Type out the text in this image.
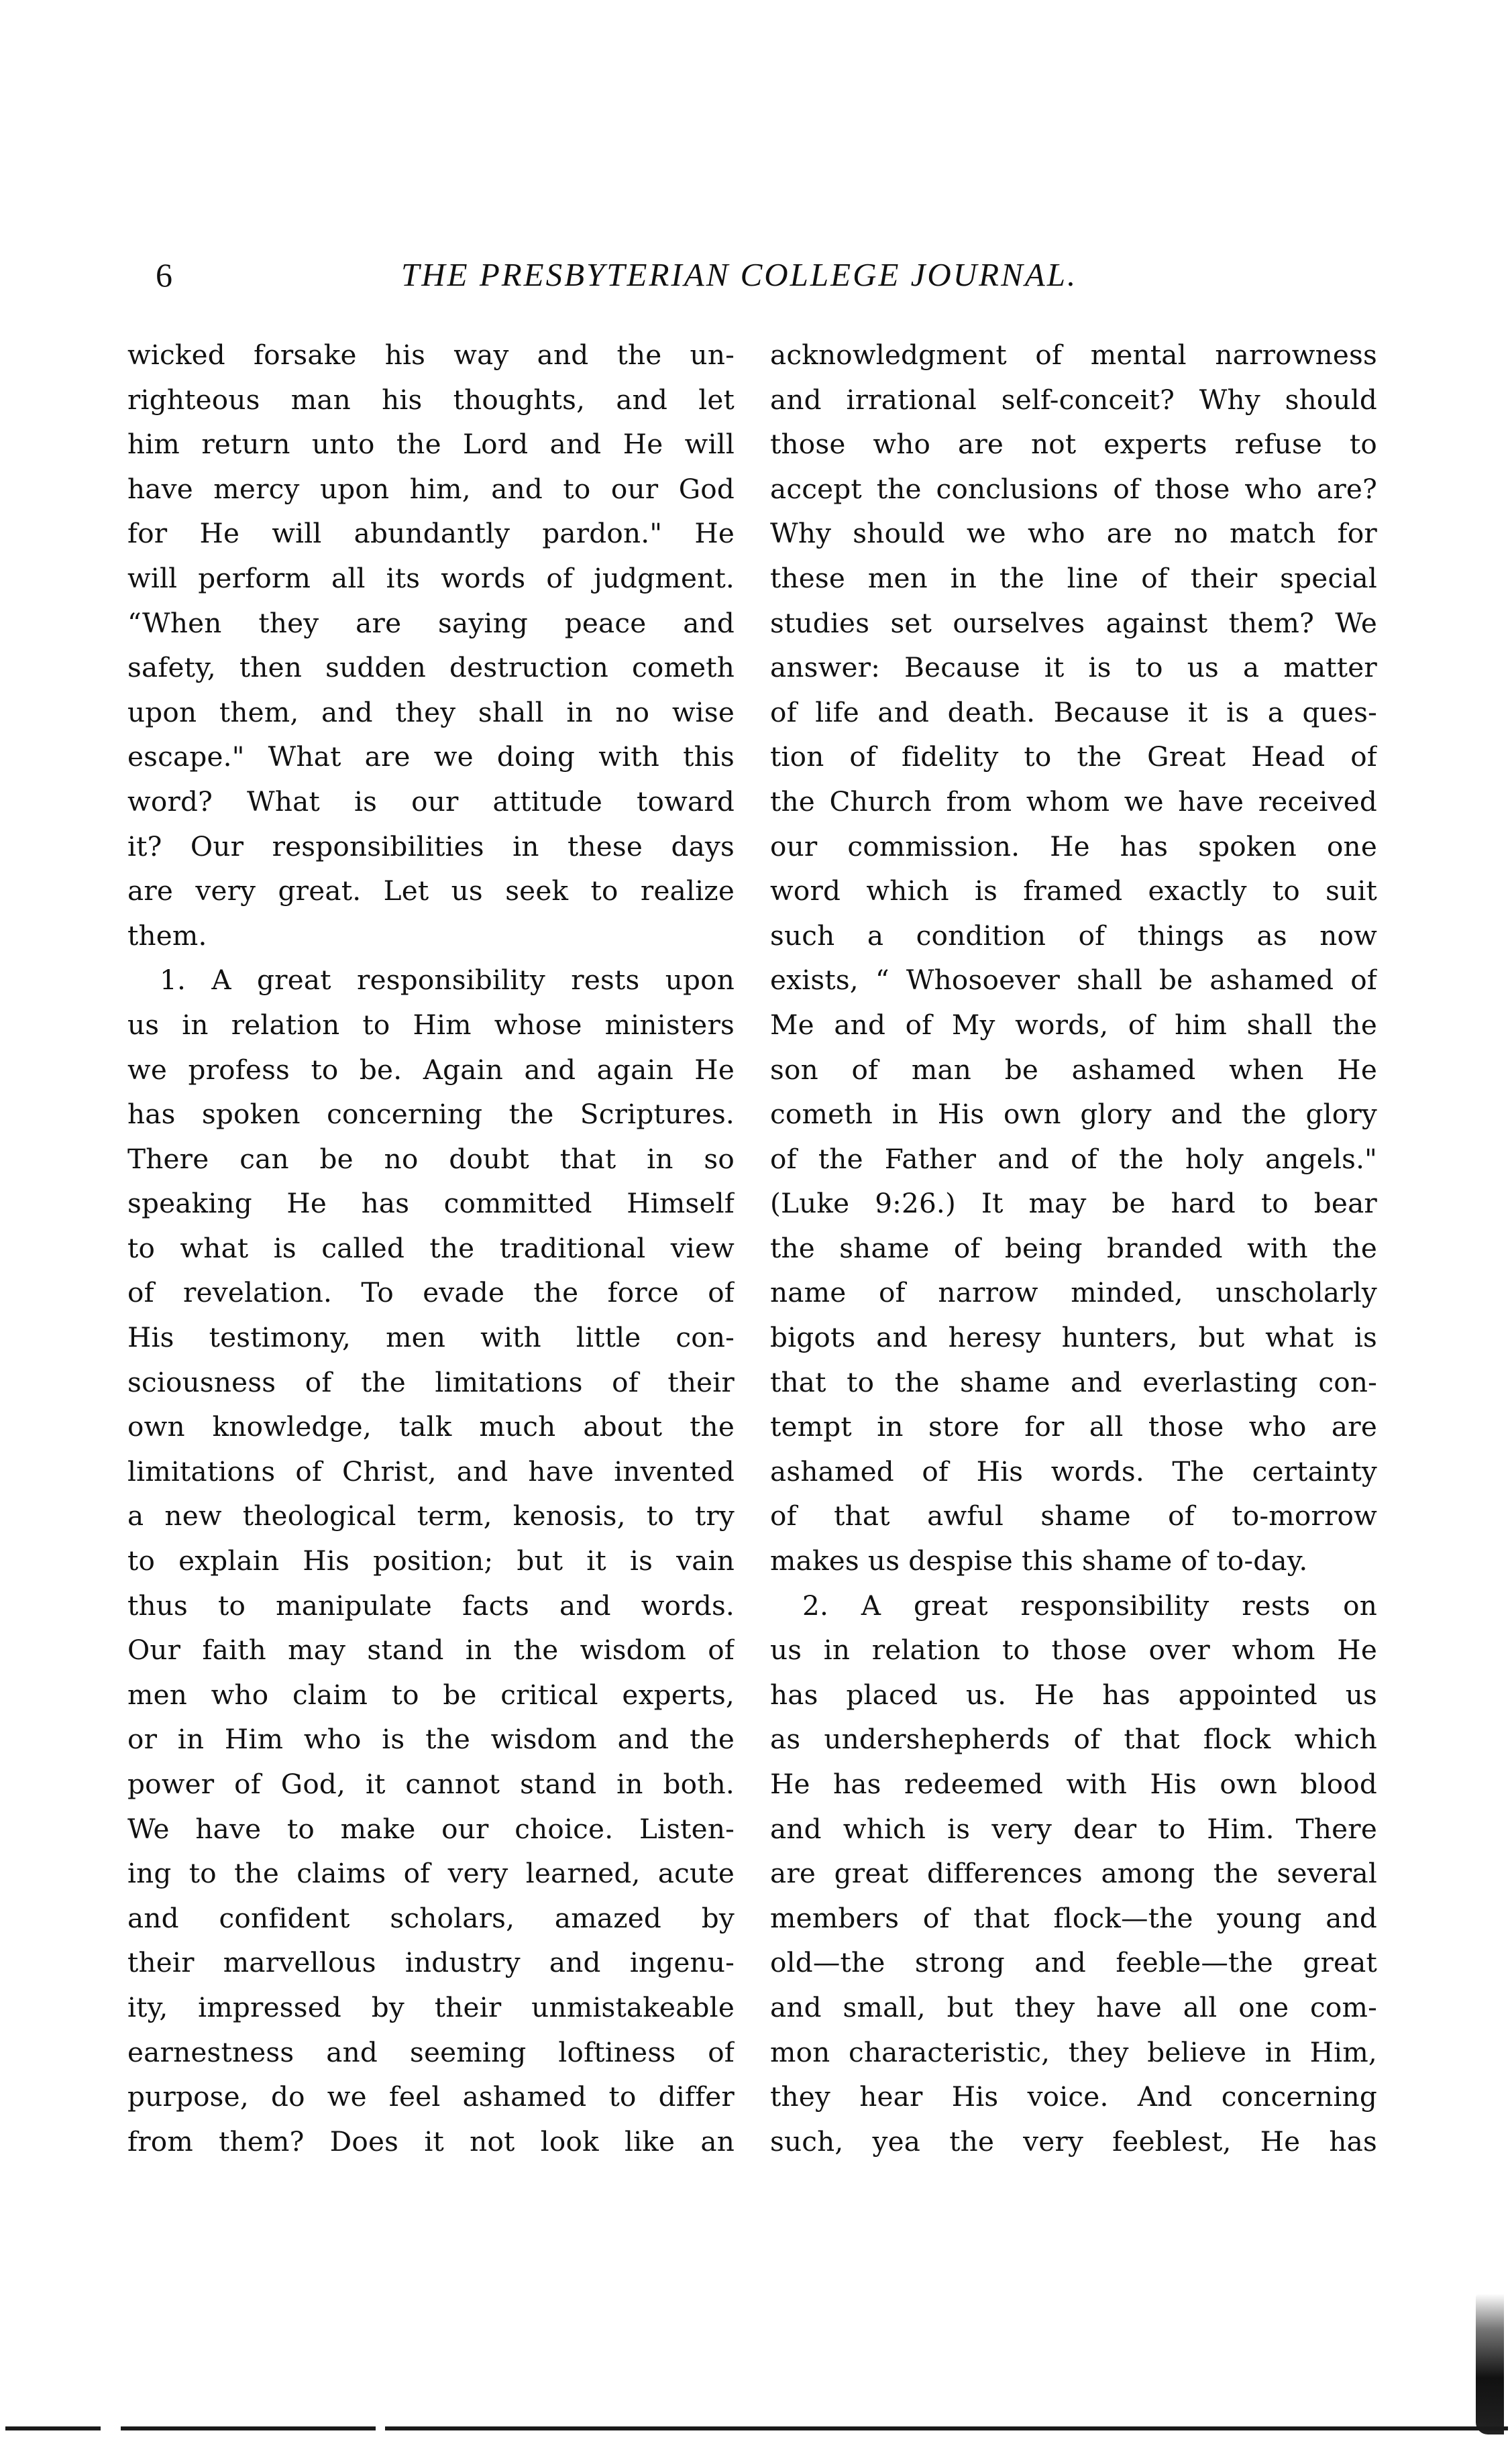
6	THE PRESBYTERIAN COLLEGE JOURNAL.
wicked forsake his way and the un-
righteous man his thoughts, and let
him return unto the Lord and He will
have mercy upon him, and to our God
for He will abundantly pardon." He
will perform all its words of judgment.
“When they are saying peace and
safety, then sudden destruction cometh
upon them, and they shall in no wise
escape." What are we doing with this
word? What is our attitude toward
it? Our responsibilities in these days
are very great. Let us seek to realize
them.
1. A great responsibility rests upon
us in relation to Him whose ministers
we profess to be. Again and again He
has spoken concerning the Scriptures.
There can be no doubt that in so
speaking He has committed Himself
to what is called the traditional view
of revelation. To evade the force of
His testimony, men with little con-
sciousness of the limitations of their
own knowledge, talk much about the
limitations of Christ, and have invented
a new theological term, kenosis, to try
to explain His position; but it is vain
thus to manipulate facts and words.
Our faith may stand in the wisdom of
men who claim to be critical experts,
or in Him who is the wisdom and the
power of God, it cannot stand in both.
We have to make our choice. Listen-
ing to the claims of very learned, acute
and confident scholars, amazed by
their marvellous industry and ingenu-
ity, impressed by their unmistakeable
earnestness and seeming loftiness of
purpose, do we feel ashamed to differ
from them? Does it not look like an
acknowledgment of mental narrowness
and irrational self-conceit? Why should
those who are not experts refuse to
accept the conclusions of those who are?
Why should we who are no match for
these men in the line of their special
studies set ourselves against them? We
answer: Because it is to us a matter
of life and death. Because it is a ques-
tion of fidelity to the Great Head of
the Church from whom we have received
our commission. He has spoken one
word which is framed exactly to suit
such a condition of things as now
exists, “ Whosoever shall be ashamed of
Me and of My words, of him shall the
son of man be ashamed when He
cometh in His own glory and the glory
of the Father and of the holy angels."
(Luke 9:26.) It may be hard to bear
the shame of being branded with the
name of narrow minded, unscholarly
bigots and heresy hunters, but what is
that to the shame and everlasting con-
tempt in store for all those who are
ashamed of His words. The certainty
of that awful shame of to-morrow
makes us despise this shame of to-day.
2. A great responsibility rests on
us in relation to those over whom He
has placed us. He has appointed us
as undershepherds of that flock which
He has redeemed with His own blood
and which is very dear to Him. There
are great differences among the several
members of that flock—the young and
old—the strong and feeble—the great
and small, but they have all one com-
mon characteristic, they believe in Him,
they hear His voice. And concerning
such, yea the very feeblest, He has
